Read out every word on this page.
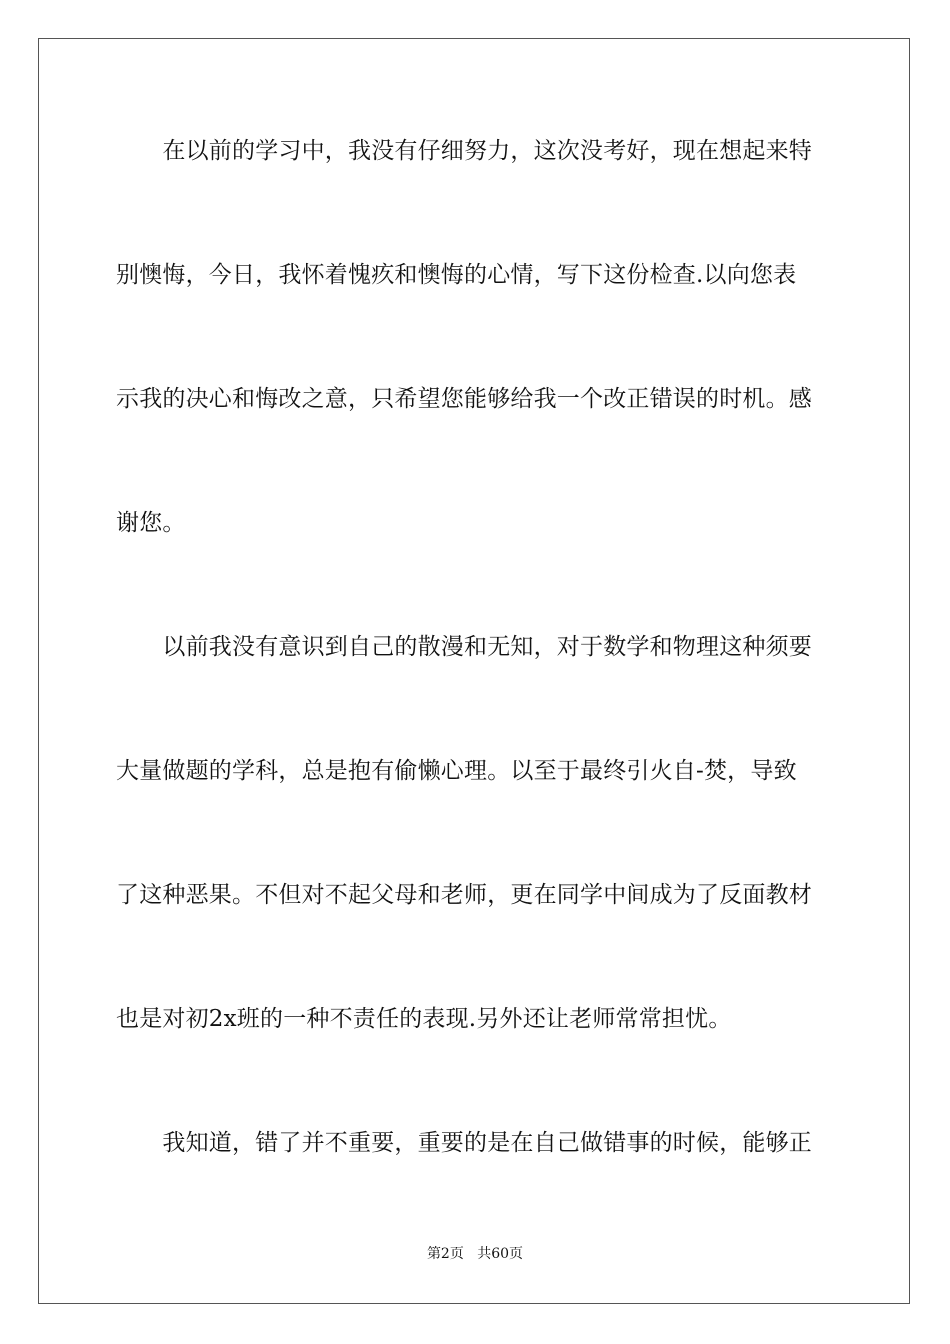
　　在以前的学习中，我没有仔细努力，这次没考好，现在想起来特
别懊悔，今日，我怀着愧疚和懊悔的心情，写下这份检查.以向您表
示我的决心和悔改之意，只希望您能够给我一个改正错误的时机。感
谢您。
　　以前我没有意识到自己的散漫和无知，对于数学和物理这种须要
大量做题的学科，总是抱有偷懒心理。以至于最终引火自-焚，导致
了这种恶果。不但对不起父母和老师，更在同学中间成为了反面教材
也是对初2x班的一种不责任的表现.另外还让老师常常担忧。
　　我知道，错了并不重要，重要的是在自己做错事的时候，能够正
第2页 共60页
